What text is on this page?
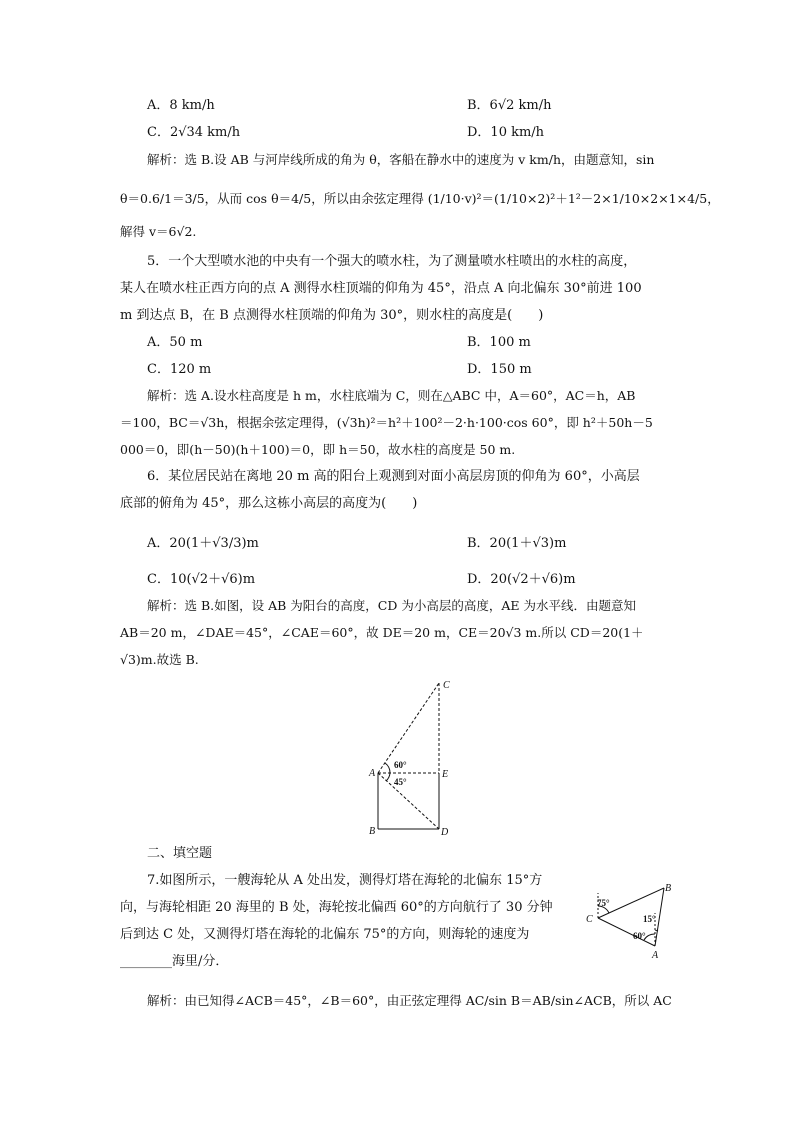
A．8 km/h	B．6√2 km/h
C．2√34 km/h	D．10 km/h
解析：选 B.设 AB 与河岸线所成的角为 θ，客船在静水中的速度为 v km/h，由题意知，sin
θ＝0.6/1＝3/5，从而 cos θ＝4/5，所以由余弦定理得 (1/10·v)²＝(1/10×2)²＋1²－2×1/10×2×1×4/5，
解得 v＝6√2.
5．一个大型喷水池的中央有一个强大的喷水柱，为了测量喷水柱喷出的水柱的高度，
某人在喷水柱正西方向的点 A 测得水柱顶端的仰角为 45°，沿点 A 向北偏东 30°前进 100
m 到达点 B，在 B 点测得水柱顶端的仰角为 30°，则水柱的高度是(　　)
A．50 m	B．100 m
C．120 m	D．150 m
解析：选 A.设水柱高度是 h m，水柱底端为 C，则在△ABC 中，A＝60°，AC＝h，AB
＝100，BC＝√3h，根据余弦定理得，(√3h)²＝h²＋100²－2·h·100·cos 60°，即 h²＋50h－5
000＝0，即(h－50)(h＋100)＝0，即 h＝50，故水柱的高度是 50 m.
6．某位居民站在离地 20 m 高的阳台上观测到对面小高层房顶的仰角为 60°，小高层
底部的俯角为 45°，那么这栋小高层的高度为(　　)
A．20(1＋√3/3)m	B．20(1＋√3)m
C．10(√2＋√6)m	D．20(√2＋√6)m
解析：选 B.如图，设 AB 为阳台的高度，CD 为小高层的高度，AE 为水平线．由题意知
AB＝20 m，∠DAE＝45°，∠CAE＝60°，故 DE＝20 m，CE＝20√3 m.所以 CD＝20(1＋
√3)m.故选 B.
C
A	E
B	D
60°
45°
二、填空题
7.如图所示，一艘海轮从 A 处出发，测得灯塔在海轮的北偏东 15°方
向，与海轮相距 20 海里的 B 处，海轮按北偏西 60°的方向航行了 30 分钟
后到达 C 处，又测得灯塔在海轮的北偏东 75°的方向，则海轮的速度为
________海里/分．
解析：由已知得∠ACB＝45°，∠B＝60°，由正弦定理得 AC/sin B＝AB/sin∠ACB，所以 AC
B
C
A
75°
15°
60°
